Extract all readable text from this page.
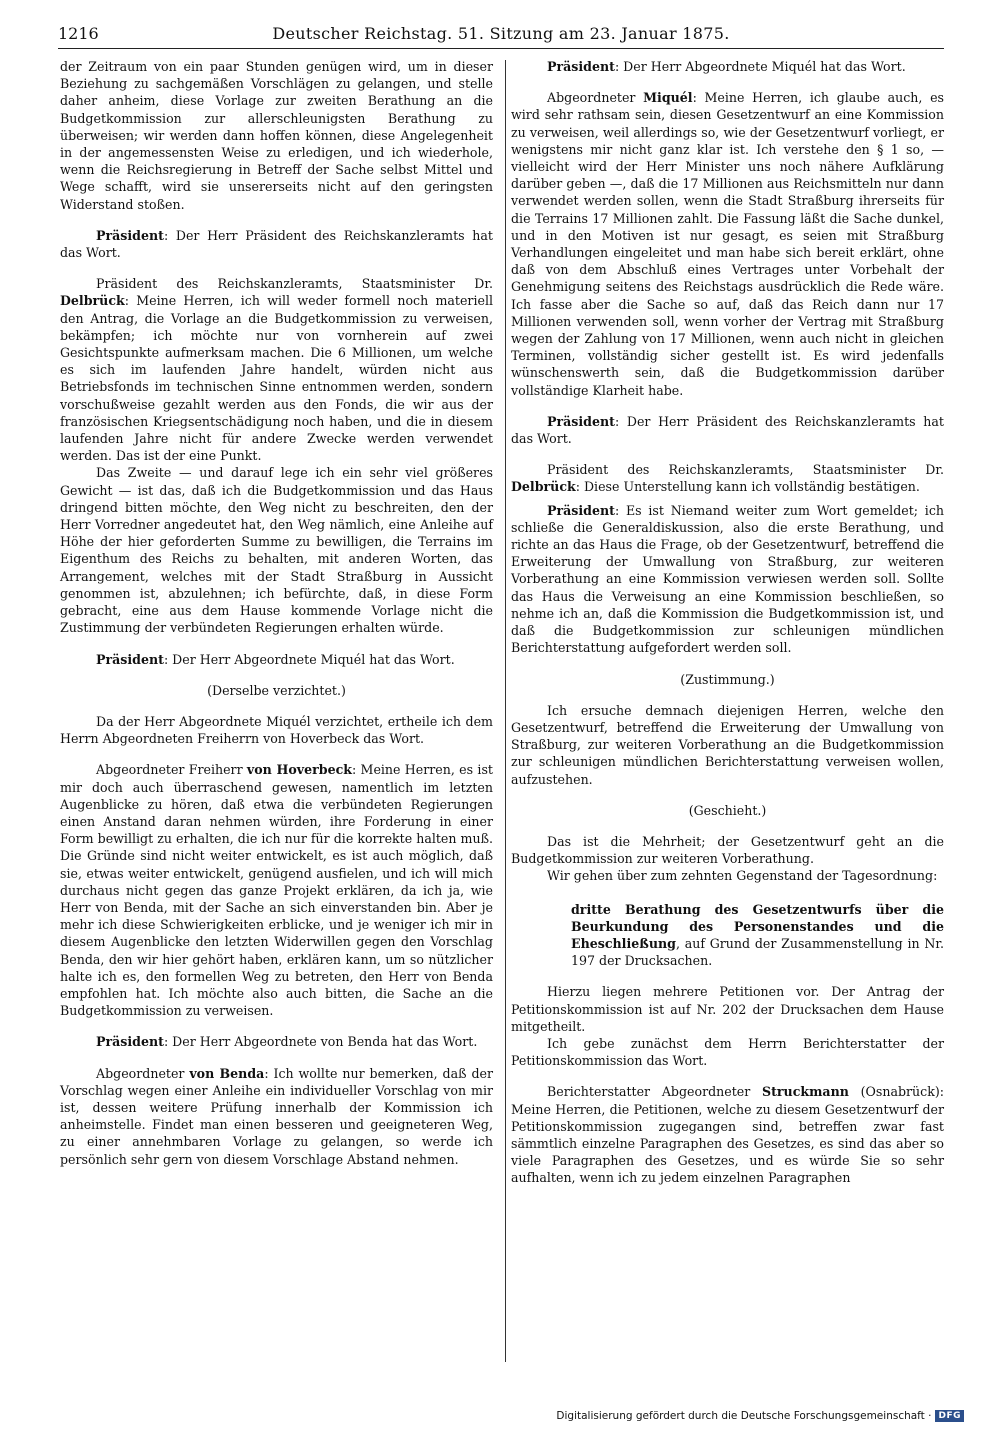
1216	Deutscher Reichstag. 51. Sitzung am 23. Januar 1875.

der Zeitraum von ein paar Stunden genügen wird, um in dieser Beziehung zu sachgemäßen Vorschlägen zu gelangen, und stelle daher anheim, diese Vorlage zur zweiten Berathung an die Budgetkommission zur allerschleunigsten Berathung zu überweisen; wir werden dann hoffen können, diese Angelegenheit in der angemessensten Weise zu erledigen, und ich wiederhole, wenn die Reichsregierung in Betreff der Sache selbst Mittel und Wege schafft, wird sie unsererseits nicht auf den geringsten Widerstand stoßen.

Präsident: Der Herr Präsident des Reichskanzleramts hat das Wort.

Präsident des Reichskanzleramts, Staatsminister Dr. Delbrück: Meine Herren, ich will weder formell noch materiell den Antrag, die Vorlage an die Budgetkommission zu verweisen, bekämpfen; ich möchte nur von vornherein auf zwei Gesichtspunkte aufmerksam machen. Die 6 Millionen, um welche es sich im laufenden Jahre handelt, würden nicht aus Betriebsfonds im technischen Sinne entnommen werden, sondern vorschußweise gezahlt werden aus den Fonds, die wir aus der französischen Kriegsentschädigung noch haben, und die in diesem laufenden Jahre nicht für andere Zwecke werden verwendet werden. Das ist der eine Punkt.

Das Zweite — und darauf lege ich ein sehr viel größeres Gewicht — ist das, daß ich die Budgetkommission und das Haus dringend bitten möchte, den Weg nicht zu beschreiten, den der Herr Vorredner angedeutet hat, den Weg nämlich, eine Anleihe auf Höhe der hier geforderten Summe zu bewilligen, die Terrains im Eigenthum des Reichs zu behalten, mit anderen Worten, das Arrangement, welches mit der Stadt Straßburg in Aussicht genommen ist, abzulehnen; ich befürchte, daß, in diese Form gebracht, eine aus dem Hause kommende Vorlage nicht die Zustimmung der verbündeten Regierungen erhalten würde.

Präsident: Der Herr Abgeordnete Miquél hat das Wort.

(Derselbe verzichtet.)

Da der Herr Abgeordnete Miquél verzichtet, ertheile ich dem Herrn Abgeordneten Freiherrn von Hoverbeck das Wort.

Abgeordneter Freiherr von Hoverbeck: Meine Herren, es ist mir doch auch überraschend gewesen, namentlich im letzten Augenblicke zu hören, daß etwa die verbündeten Regierungen einen Anstand daran nehmen würden, ihre Forderung in einer Form bewilligt zu erhalten, die ich nur für die korrekte halten muß. Die Gründe sind nicht weiter entwickelt, es ist auch möglich, daß sie, etwas weiter entwickelt, genügend ausfielen, und ich will mich durchaus nicht gegen das ganze Projekt erklären, da ich ja, wie Herr von Benda, mit der Sache an sich einverstanden bin. Aber je mehr ich diese Schwierigkeiten erblicke, und je weniger ich mir in diesem Augenblicke den letzten Widerwillen gegen den Vorschlag Benda, den wir hier gehört haben, erklären kann, um so nützlicher halte ich es, den formellen Weg zu betreten, den Herr von Benda empfohlen hat. Ich möchte also auch bitten, die Sache an die Budgetkommission zu verweisen.

Präsident: Der Herr Abgeordnete von Benda hat das Wort.

Abgeordneter von Benda: Ich wollte nur bemerken, daß der Vorschlag wegen einer Anleihe ein individueller Vorschlag von mir ist, dessen weitere Prüfung innerhalb der Kommission ich anheimstelle. Findet man einen besseren und geeigneteren Weg, zu einer annehmbaren Vorlage zu gelangen, so werde ich persönlich sehr gern von diesem Vorschlage Abstand nehmen.

Präsident: Der Herr Abgeordnete Miquél hat das Wort.

Abgeordneter Miquél: Meine Herren, ich glaube auch, es wird sehr rathsam sein, diesen Gesetzentwurf an eine Kommission zu verweisen, weil allerdings so, wie der Gesetzentwurf vorliegt, er wenigstens mir nicht ganz klar ist. Ich verstehe den § 1 so, — vielleicht wird der Herr Minister uns noch nähere Aufklärung darüber geben —, daß die 17 Millionen aus Reichsmitteln nur dann verwendet werden sollen, wenn die Stadt Straßburg ihrerseits für die Terrains 17 Millionen zahlt. Die Fassung läßt die Sache dunkel, und in den Motiven ist nur gesagt, es seien mit Straßburg Verhandlungen eingeleitet und man habe sich bereit erklärt, ohne daß von dem Abschluß eines Vertrages unter Vorbehalt der Genehmigung seitens des Reichstags ausdrücklich die Rede wäre. Ich fasse aber die Sache so auf, daß das Reich dann nur 17 Millionen verwenden soll, wenn vorher der Vertrag mit Straßburg wegen der Zahlung von 17 Millionen, wenn auch nicht in gleichen Terminen, vollständig sicher gestellt ist. Es wird jedenfalls wünschenswerth sein, daß die Budgetkommission darüber vollständige Klarheit habe.

Präsident: Der Herr Präsident des Reichskanzleramts hat das Wort.

Präsident des Reichskanzleramts, Staatsminister Dr. Delbrück: Diese Unterstellung kann ich vollständig bestätigen.

Präsident: Es ist Niemand weiter zum Wort gemeldet; ich schließe die Generaldiskussion, also die erste Berathung, und richte an das Haus die Frage, ob der Gesetzentwurf, betreffend die Erweiterung der Umwallung von Straßburg, zur weiteren Vorberathung an eine Kommission verwiesen werden soll. Sollte das Haus die Verweisung an eine Kommission beschließen, so nehme ich an, daß die Kommission die Budgetkommission ist, und daß die Budgetkommission zur schleunigen mündlichen Berichterstattung aufgefordert werden soll.

(Zustimmung.)

Ich ersuche demnach diejenigen Herren, welche den Gesetzentwurf, betreffend die Erweiterung der Umwallung von Straßburg, zur weiteren Vorberathung an die Budgetkommission zur schleunigen mündlichen Berichterstattung verweisen wollen, aufzustehen.

(Geschieht.)

Das ist die Mehrheit; der Gesetzentwurf geht an die Budgetkommission zur weiteren Vorberathung.

Wir gehen über zum zehnten Gegenstand der Tagesordnung:

dritte Berathung des Gesetzentwurfs über die Beurkundung des Personenstandes und die Eheschließung, auf Grund der Zusammenstellung in Nr. 197 der Drucksachen.

Hierzu liegen mehrere Petitionen vor. Der Antrag der Petitionskommission ist auf Nr. 202 der Drucksachen dem Hause mitgetheilt.

Ich gebe zunächst dem Herrn Berichterstatter der Petitionskommission das Wort.

Berichterstatter Abgeordneter Struckmann (Osnabrück): Meine Herren, die Petitionen, welche zu diesem Gesetzentwurf der Petitionskommission zugegangen sind, betreffen zwar fast sämmtlich einzelne Paragraphen des Gesetzes, es sind das aber so viele Paragraphen des Gesetzes, und es würde Sie so sehr aufhalten, wenn ich zu jedem einzelnen Paragraphen

Digitalisierung gefördert durch die Deutsche Forschungsgemeinschaft · DFG
